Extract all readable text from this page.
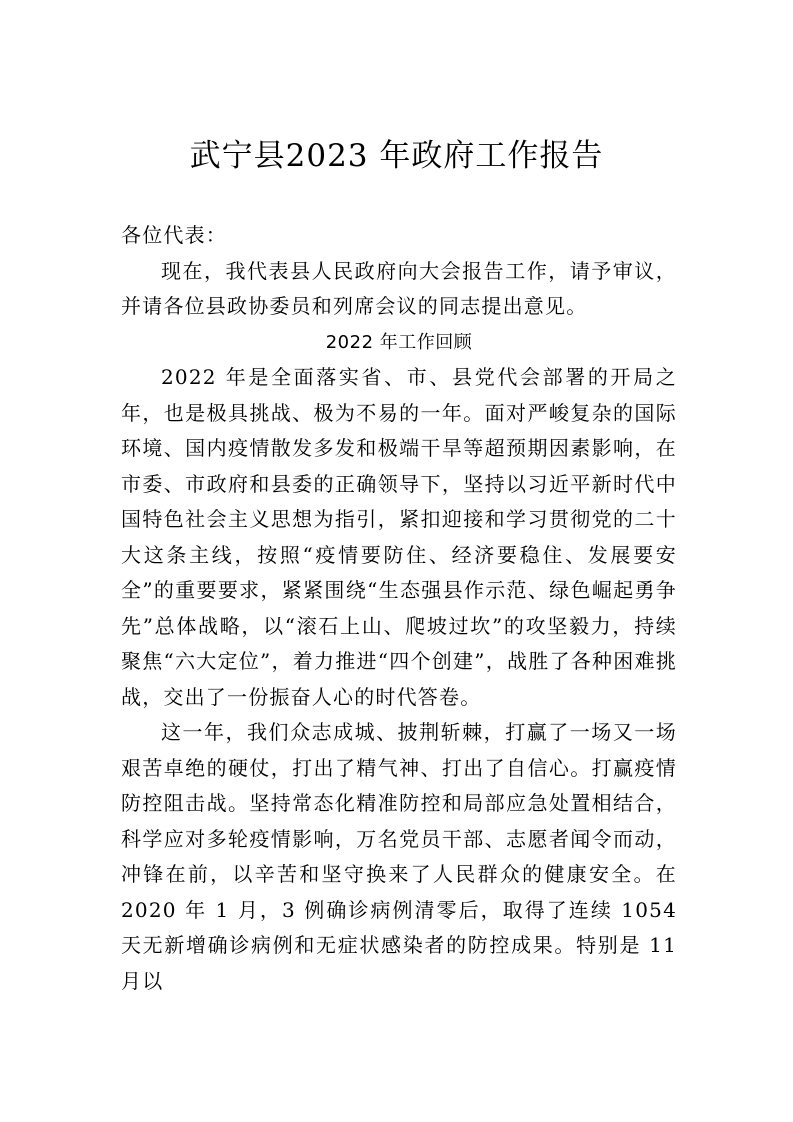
武宁县2023 年政府工作报告

各位代表：

现在，我代表县人民政府向大会报告工作，请予审议，并请各位县政协委员和列席会议的同志提出意见。

2022 年工作回顾

2022 年是全面落实省、市、县党代会部署的开局之年，也是极具挑战、极为不易的一年。面对严峻复杂的国际环境、国内疫情散发多发和极端干旱等超预期因素影响，在市委、市政府和县委的正确领导下，坚持以习近平新时代中国特色社会主义思想为指引，紧扣迎接和学习贯彻党的二十大这条主线，按照“疫情要防住、经济要稳住、发展要安全”的重要要求，紧紧围绕“生态强县作示范、绿色崛起勇争先”总体战略，以“滚石上山、爬坡过坎”的攻坚毅力，持续聚焦“六大定位”，着力推进“四个创建”，战胜了各种困难挑战，交出了一份振奋人心的时代答卷。

这一年，我们众志成城、披荆斩棘，打赢了一场又一场艰苦卓绝的硬仗，打出了精气神、打出了自信心。打赢疫情防控阻击战。坚持常态化精准防控和局部应急处置相结合，科学应对多轮疫情影响，万名党员干部、志愿者闻令而动，冲锋在前，以辛苦和坚守换来了人民群众的健康安全。在2020 年 1 月，3 例确诊病例清零后，取得了连续 1054 天无新增确诊病例和无症状感染者的防控成果。特别是 11 月以
